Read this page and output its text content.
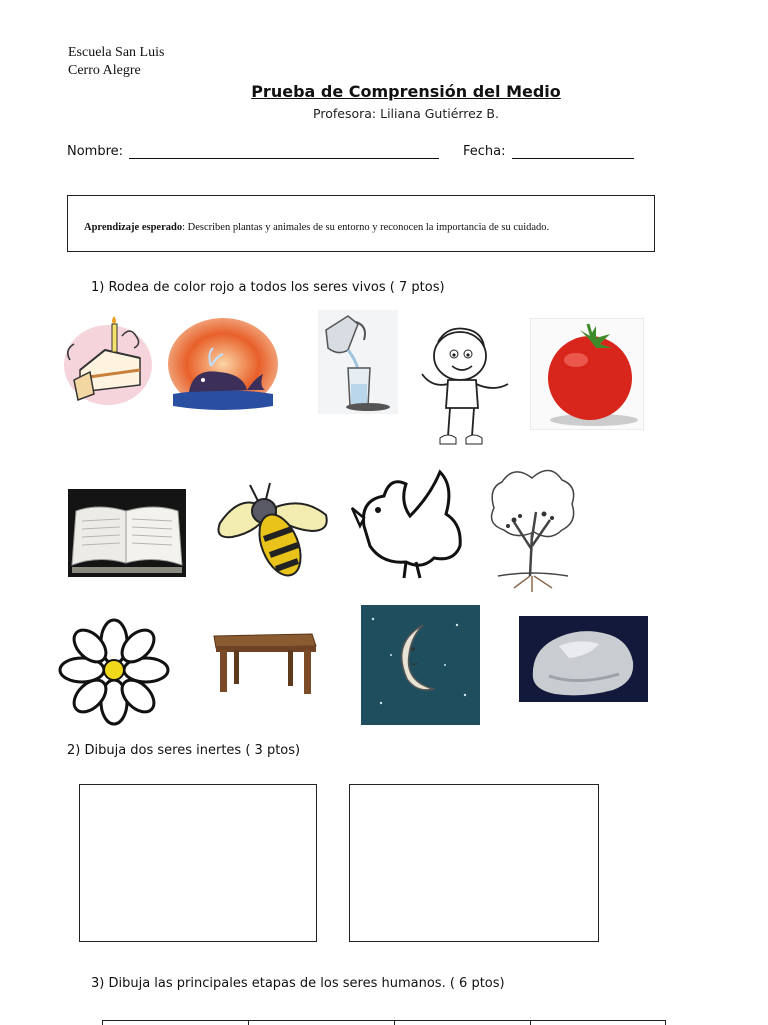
Escuela San Luis
Cerro Alegre
Prueba de Comprensión del Medio
Profesora: Liliana Gutiérrez B.
Nombre:	Fecha:
Aprendizaje esperado: Describen plantas y animales de su entorno y reconocen la importancia de su cuidado.
1) Rodea de color rojo a todos los seres vivos ( 7 ptos)
2) Dibuja dos seres inertes ( 3 ptos)
3) Dibuja las principales etapas de los seres humanos. ( 6 ptos)
